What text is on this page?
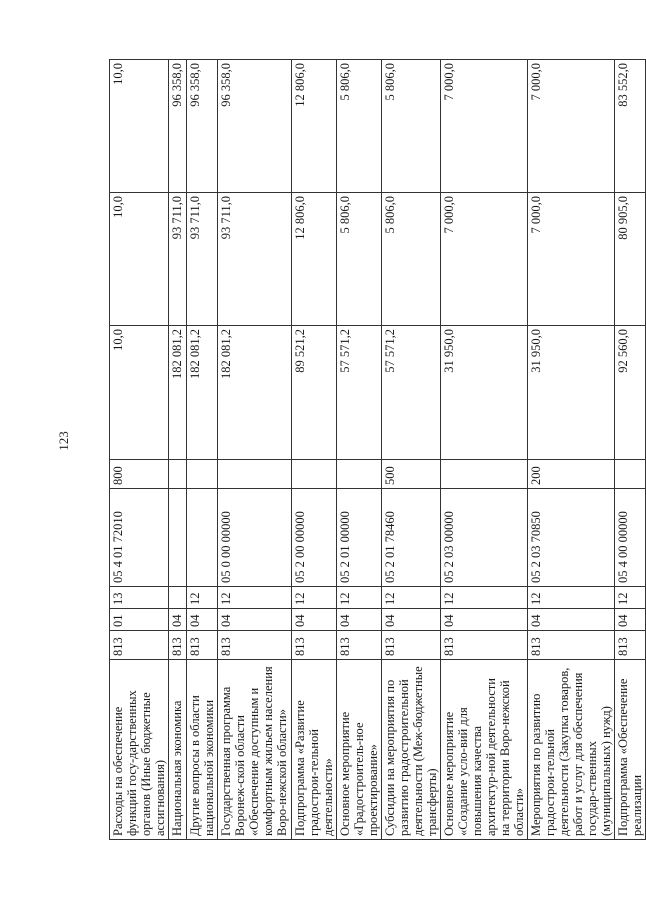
123
Расходы на обеспечение функций госу-дарственных органов (Иные бюджетные ассигнования)	813	01	13	05 4 01 72010	800	10,0	10,0	10,0
Национальная экономика	813	04				182 081,2	93 711,0	96 358,0
Другие вопросы в области национальной экономики	813	04	12			182 081,2	93 711,0	96 358,0
Государственная программа Воронеж-ской области «Обеспечение доступным и комфортным жильем населения Воро-нежской области»	813	04	12	05 0 00 00000		182 081,2	93 711,0	96 358,0
Подпрограмма «Развитие градострои-тельной деятельности»	813	04	12	05 2 00 00000		89 521,2	12 806,0	12 806,0
Основное мероприятие «Градостроитель-ное проектирование»	813	04	12	05 2 01 00000		57 571,2	5 806,0	5 806,0
Субсидии на мероприятия по развитию градостроительной деятельности (Меж-бюджетные трансферты)	813	04	12	05 2 01 78460	500	57 571,2	5 806,0	5 806,0
Основное мероприятие «Создание усло-вий для повышения качества архитектур-ной деятельности на территории Воро-нежской области»	813	04	12	05 2 03 00000		31 950,0	7 000,0	7 000,0
Мероприятия по развитию градострои-тельной деятельности (Закупка товаров, работ и услуг для обеспечения государ-ственных (муниципальных) нужд)	813	04	12	05 2 03 70850	200	31 950,0	7 000,0	7 000,0
Подпрограмма «Обеспечение реализации	813	04	12	05 4 00 00000		92 560,0	80 905,0	83 552,0
